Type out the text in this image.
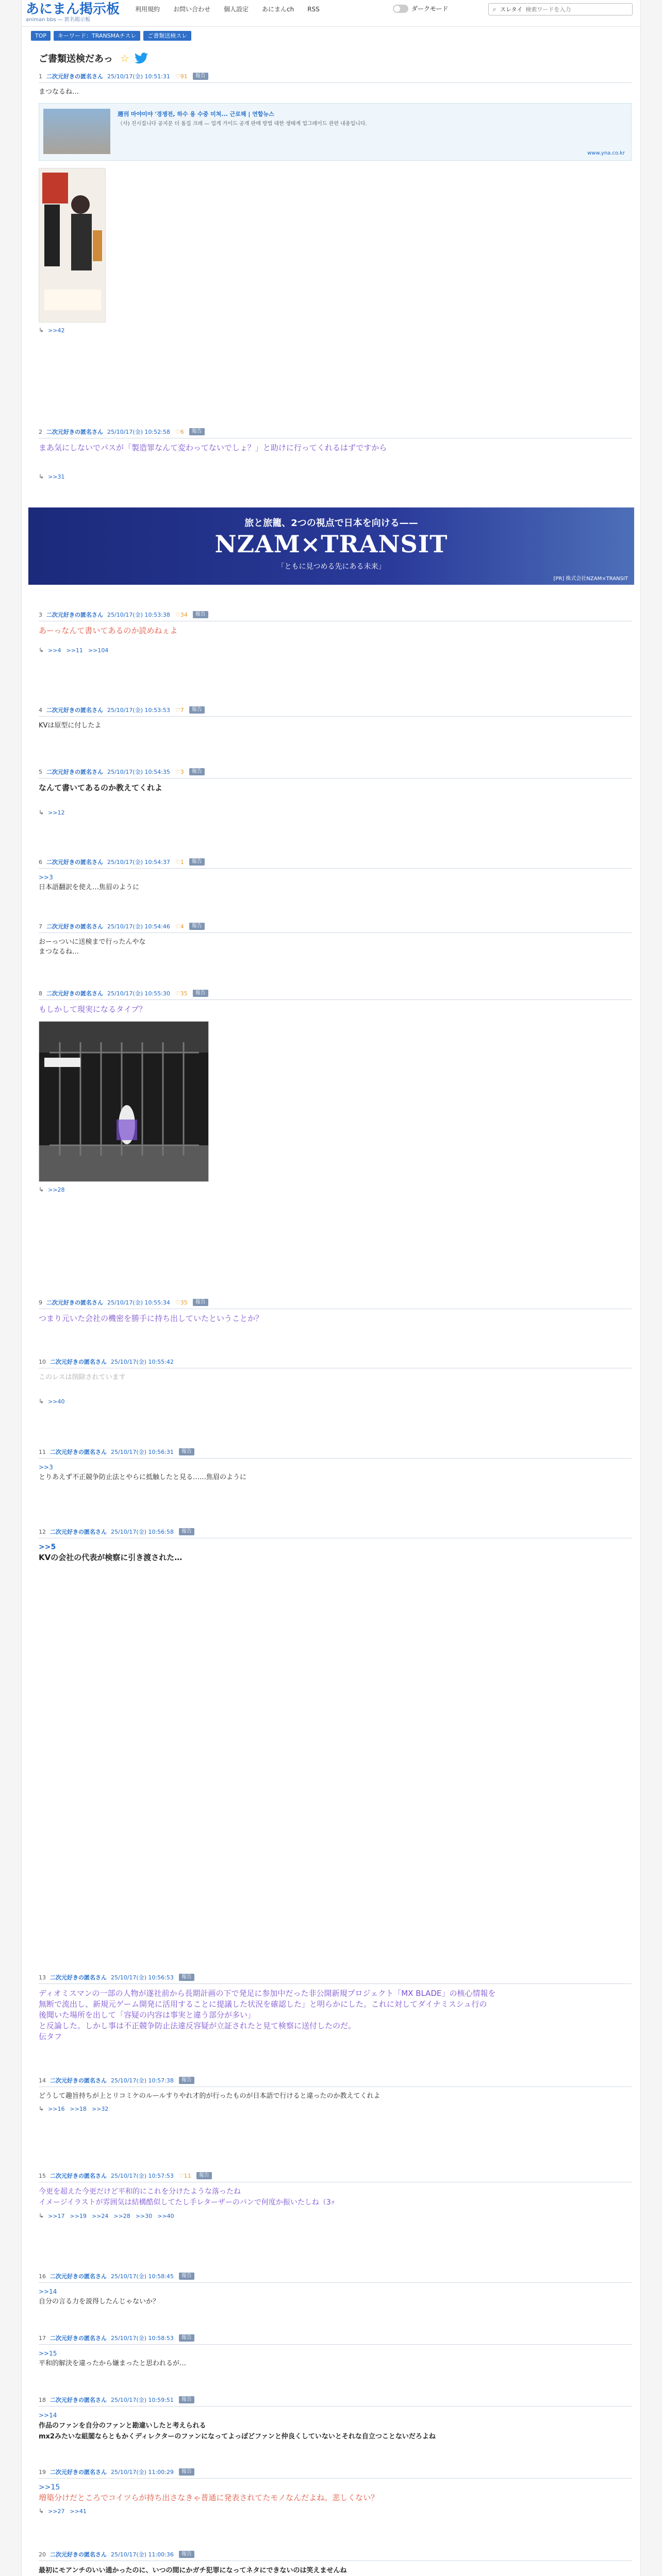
あにまん掲示板
animan bbs — 匿名掲示板
利用規約 お問い合わせ 個人設定 あにまんch RSS	ダークモード	⌕ スレタイ
検索ワードを入力
TOP	キーワード：TRANSMAチスレ	ご書類送検スレ
ご書類送検だあっ ☆
1 二次元好きの匿名さん 25/10/17(金) 10:51:31 ♡91	報告
まつなるね…
週刊 마야미야 '경쟁전, 하수 용 수중 미쳐... 근로해 | 연합뉴스
（사) 진시집니다 공지문 더 돌집 크레 — 업게 가이드 공개 판매 방법 대한 생태계 업그레이드 관련 내용입니다.
www.yna.co.kr
↳ >>42
2 二次元好きの匿名さん 25/10/17(金) 10:52:58 ♡6	報告
まあ気にしないでパスが「製造罪なんて変わってないでしょ？」と助けに行ってくれるはずですから
↳ >>31
旅と旅籠、2つの視点で日本を向ける——
NZAM×TRANSIT
「ともに見つめる先にある未来」
[PR] 株式会社NZAM×TRANSIT
3 二次元好きの匿名さん 25/10/17(金) 10:53:38 ♡34	報告
あーっなんて書いてあるのか読めねぇよ
↳ >>4 >>11 >>104
4 二次元好きの匿名さん 25/10/17(金) 10:53:53 ♡7	報告
KVは原型に付したよ
5 二次元好きの匿名さん 25/10/17(金) 10:54:35 ♡3	報告
なんて書いてあるのか教えてくれよ
↳ >>12
6 二次元好きの匿名さん 25/10/17(金) 10:54:37 ♡1	報告
>>3
日本語翻訳を使え…焦眉のように
7 二次元好きの匿名さん 25/10/17(金) 10:54:46 ♡4	報告
おーっついに送検まで行ったんやな
まつなるね…
8 二次元好きの匿名さん 25/10/17(金) 10:55:30 ♡35	報告
もしかして現実になるタイプ？
↳ >>28
9 二次元好きの匿名さん 25/10/17(金) 10:55:34 ♡35	報告
つまり元いた会社の機密を勝手に持ち出していたということか？
10 二次元好きの匿名さん 25/10/17(金) 10:55:42
このレスは削除されています
↳ >>40
11 二次元好きの匿名さん 25/10/17(金) 10:56:31	報告
>>3
とりあえず不正競争防止法とやらに抵触したと見る……焦眉のように
12 二次元好きの匿名さん 25/10/17(金) 10:56:58	報告
>>5
KVの会社の代表が検察に引き渡された…
13 二次元好きの匿名さん 25/10/17(金) 10:56:53	報告
ディオミスマンの一部の人物が遂社前から長期計画の下で発足に参加中だった非公開新規プロジェクト「MX BLADE」の核心情報を
無断で流出し、新規元ゲーム開発に活用することに提議した状況を確認した」と明らかにした。これに対してダイナミスシュ行の
後聞いた場所を出して「容疑の内容は事実と違う部分が多い」
と反論した。しかし事は不正競争防止法違反容疑が立証されたと見て検察に送付したのだ。
伝タフ
14 二次元好きの匿名さん 25/10/17(金) 10:57:38	報告
どうして趣旨持ちが上とリコミケのルールすりやれ才的が行ったものが日本語で行けると違ったのか教えてくれよ
↳ >>16 >>18 >>32
15 二次元好きの匿名さん 25/10/17(金) 10:57:53 ♡11	報告
今更を超えた今更だけど平和的にこれを分けたような落ったね
イメージイラストが雰囲気は結構酷似してたし手レターザーのバンで何度か振いたしね（3ｯ
↳ >>17 >>19 >>24 >>28 >>30 >>40
16 二次元好きの匿名さん 25/10/17(金) 10:58:45	報告
>>14
自分の言る力を説得したんじゃないか？
17 二次元好きの匿名さん 25/10/17(金) 10:58:53	報告
>>15
平和的解決を違ったから嫌まったと思われるが…
18 二次元好きの匿名さん 25/10/17(金) 10:59:51	報告
>>14
作品のファンを自分のファンと勘違いしたと考えられる
mx2みたいな組閣ならともかくディレクターのファンになってよっぽどファンと仲良くしていないとそれな自立つことないだろよね
19 二次元好きの匿名さん 25/10/17(金) 11:00:29	報告
>>15
増築分けだところでコイツらが持ち出さなきゃ普通に発表されてたモノなんだよね。悲しくない？
↳ >>27 >>41
20 二次元好きの匿名さん 25/10/17(金) 11:00:36	報告
最初にモアンチのいい通かったのに、いつの間にかガチ犯罪になってネタにできないのは笑えませんね
